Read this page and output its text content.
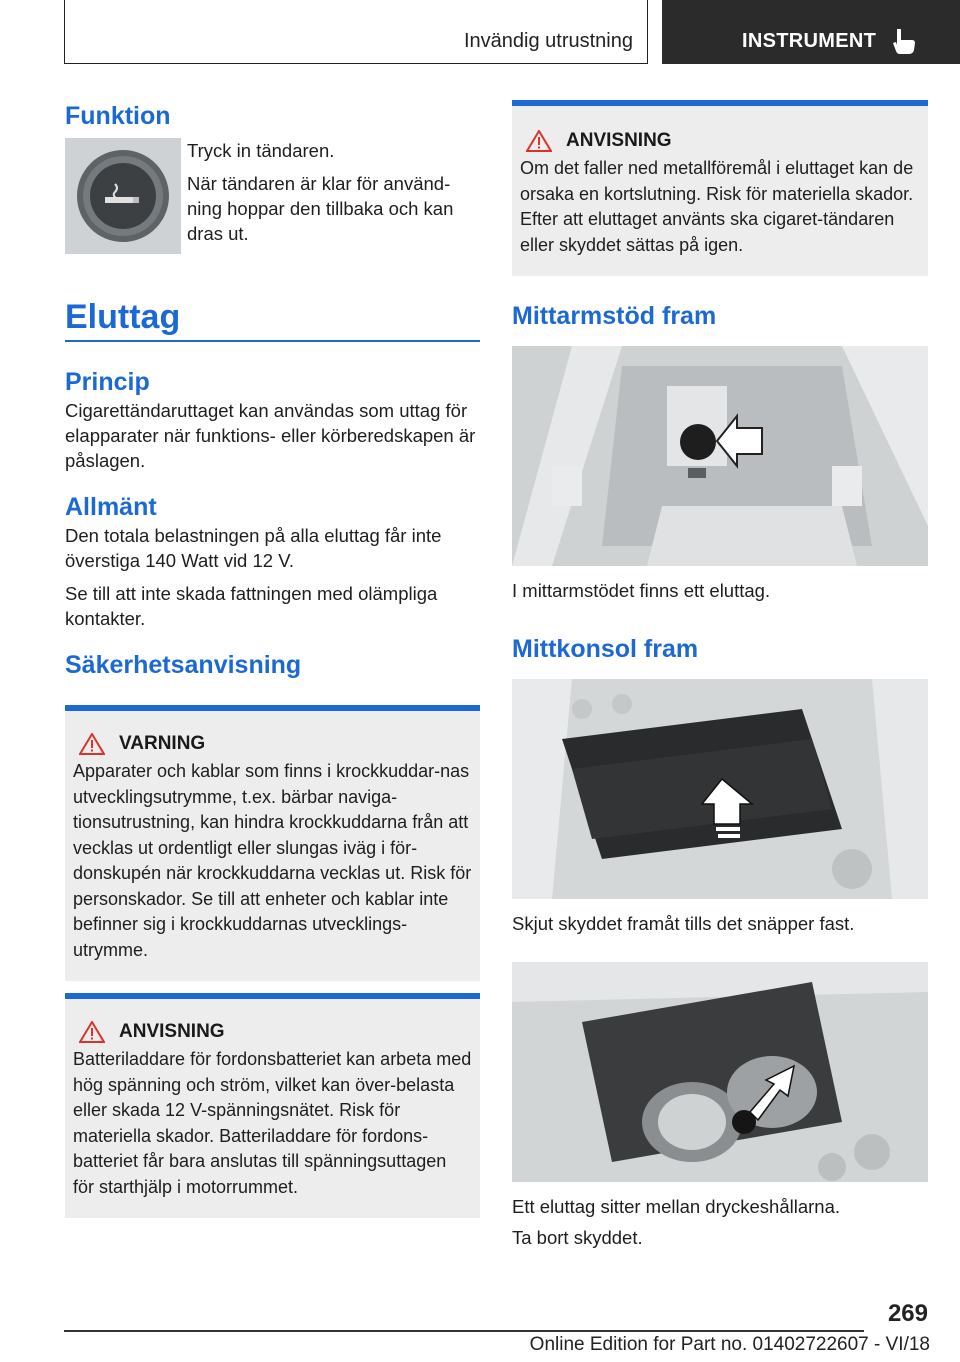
Invändig utrustning	INSTRUMENT
Funktion

Tryck in tändaren.

När tändaren är klar för använd-ning hoppar den tillbaka och kan dras ut.

Eluttag
Princip

Cigarettändaruttaget kan användas som uttag för elapparater när funktions- eller körberedskapen är påslagen.

Allmänt

Den totala belastningen på alla eluttag får inte överstiga 140 Watt vid 12 V.

Se till att inte skada fattningen med olämpliga kontakter.

Säkerhetsanvisning
VARNING

Apparater och kablar som finns i krockkuddar-nas utvecklingsutrymme, t.ex. bärbar naviga-tionsutrustning, kan hindra krockkuddarna från att vecklas ut ordentligt eller slungas iväg i för-donskupén när krockkuddarna vecklas ut. Risk för personskador. Se till att enheter och kablar inte befinner sig i krockkuddarnas utvecklings-utrymme.

ANVISNING

Batteriladdare för fordonsbatteriet kan arbeta med hög spänning och ström, vilket kan över-belasta eller skada 12 V-spänningsnätet. Risk för materiella skador. Batteriladdare för fordons-batteriet får bara anslutas till spänningsuttagen för starthjälp i motorrummet.

ANVISNING

Om det faller ned metallföremål i eluttaget kan de orsaka en kortslutning. Risk för materiella skador. Efter att eluttaget använts ska cigaret-tändaren eller skyddet sättas på igen.

Mittarmstöd fram

I mittarmstödet finns ett eluttag.

Mittkonsol fram

Skjut skyddet framåt tills det snäpper fast.

Ett eluttag sitter mellan dryckeshållarna.

Ta bort skyddet.

269
Online Edition for Part no. 01402722607 - VI/18
